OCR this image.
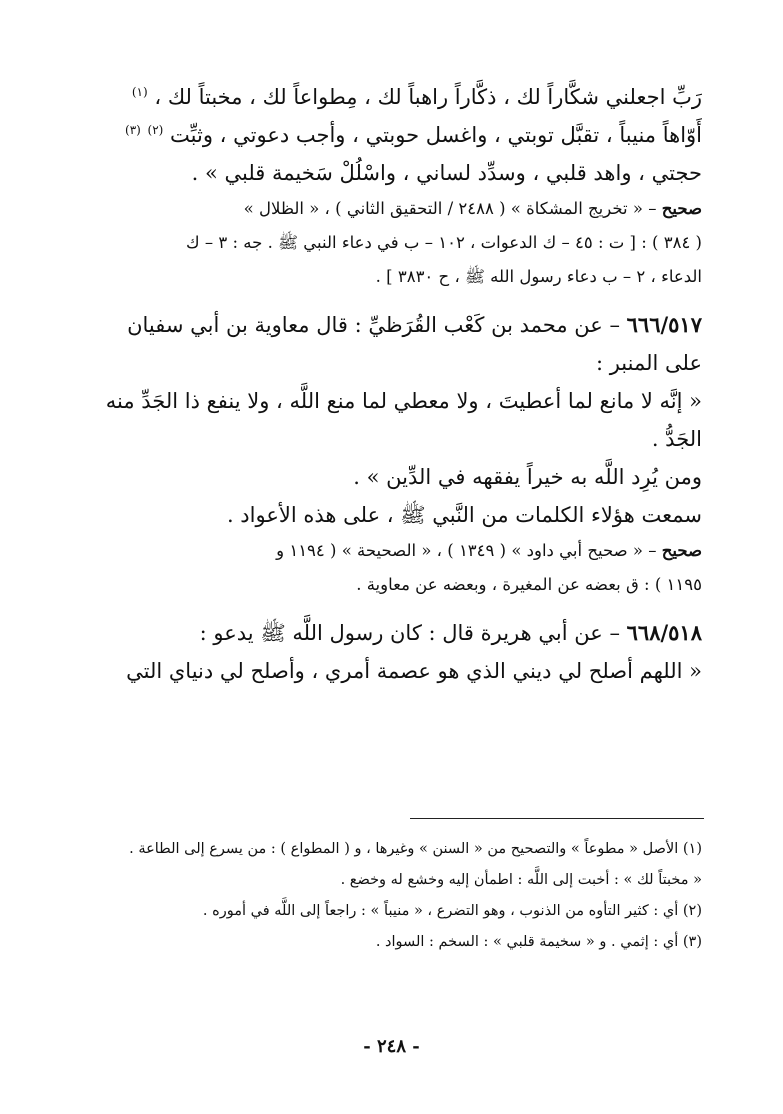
رَبِّ اجعلني شكَّاراً لك ، ذكَّاراً راهباً لك ، مِطواعاً لك ، مخبتاً لك ، $^{(١)}$
أَوّاهاً منيباً ، تقبَّل توبتي ، واغسل حوبتي ، وأجب دعوتي ، وثبِّت $^{(٢)}$ $^{(٣)}$
حجتي ، واهد قلبي ، وسدِّد لساني ، واسْلُلْ سَخيمة قلبي » .
صحيح – « تخريج المشكاة » ( ٢٤٨٨ / التحقيق الثاني ) ، « الظلال »
( ٣٨٤ ) : [ ت : ٤٥ – ك الدعوات ، ١٠٢ – ب في دعاء النبي ﷺ . جه : ٣ – ك
الدعاء ، ٢ – ب دعاء رسول الله ﷺ ، ح ٣٨٣٠ ] .
٦٦٦/٥١٧ – عن محمد بن كَعْب القُرَظيِّ : قال معاوية بن أبي سفيان
على المنبر :
« إنَّه لا مانع لما أعطيتَ ، ولا معطي لما منع اللَّه ، ولا ينفع ذا الجَدِّ منه
الجَدُّ .
ومن يُرِد اللَّه به خيراً يفقهه في الدِّين » .
سمعت هؤلاء الكلمات من النَّبي ﷺ ، على هذه الأعواد .
صحيح – « صحيح أبي داود » ( ١٣٤٩ ) ، « الصحيحة » ( ١١٩٤ و
١١٩٥ ) : ق بعضه عن المغيرة ، وبعضه عن معاوية .
٦٦٨/٥١٨ – عن أبي هريرة قال : كان رسول اللَّه ﷺ يدعو :
« اللهم أصلح لي ديني الذي هو عصمة أمري ، وأصلح لي دنياي التي
(١) الأصل « مطوعاً » والتصحيح من « السنن » وغيرها ، و ( المطواع ) : من يسرع إلى الطاعة .
« مخبتاً لك » : أخبت إلى اللَّه : اطمأن إليه وخشع له وخضع .
(٢) أي : كثير التأوه من الذنوب ، وهو التضرع ، « منيباً » : راجعاً إلى اللَّه في أموره .
(٣) أي : إثمي . و « سخيمة قلبي » : السخم : السواد .
- ٢٤٨ -
